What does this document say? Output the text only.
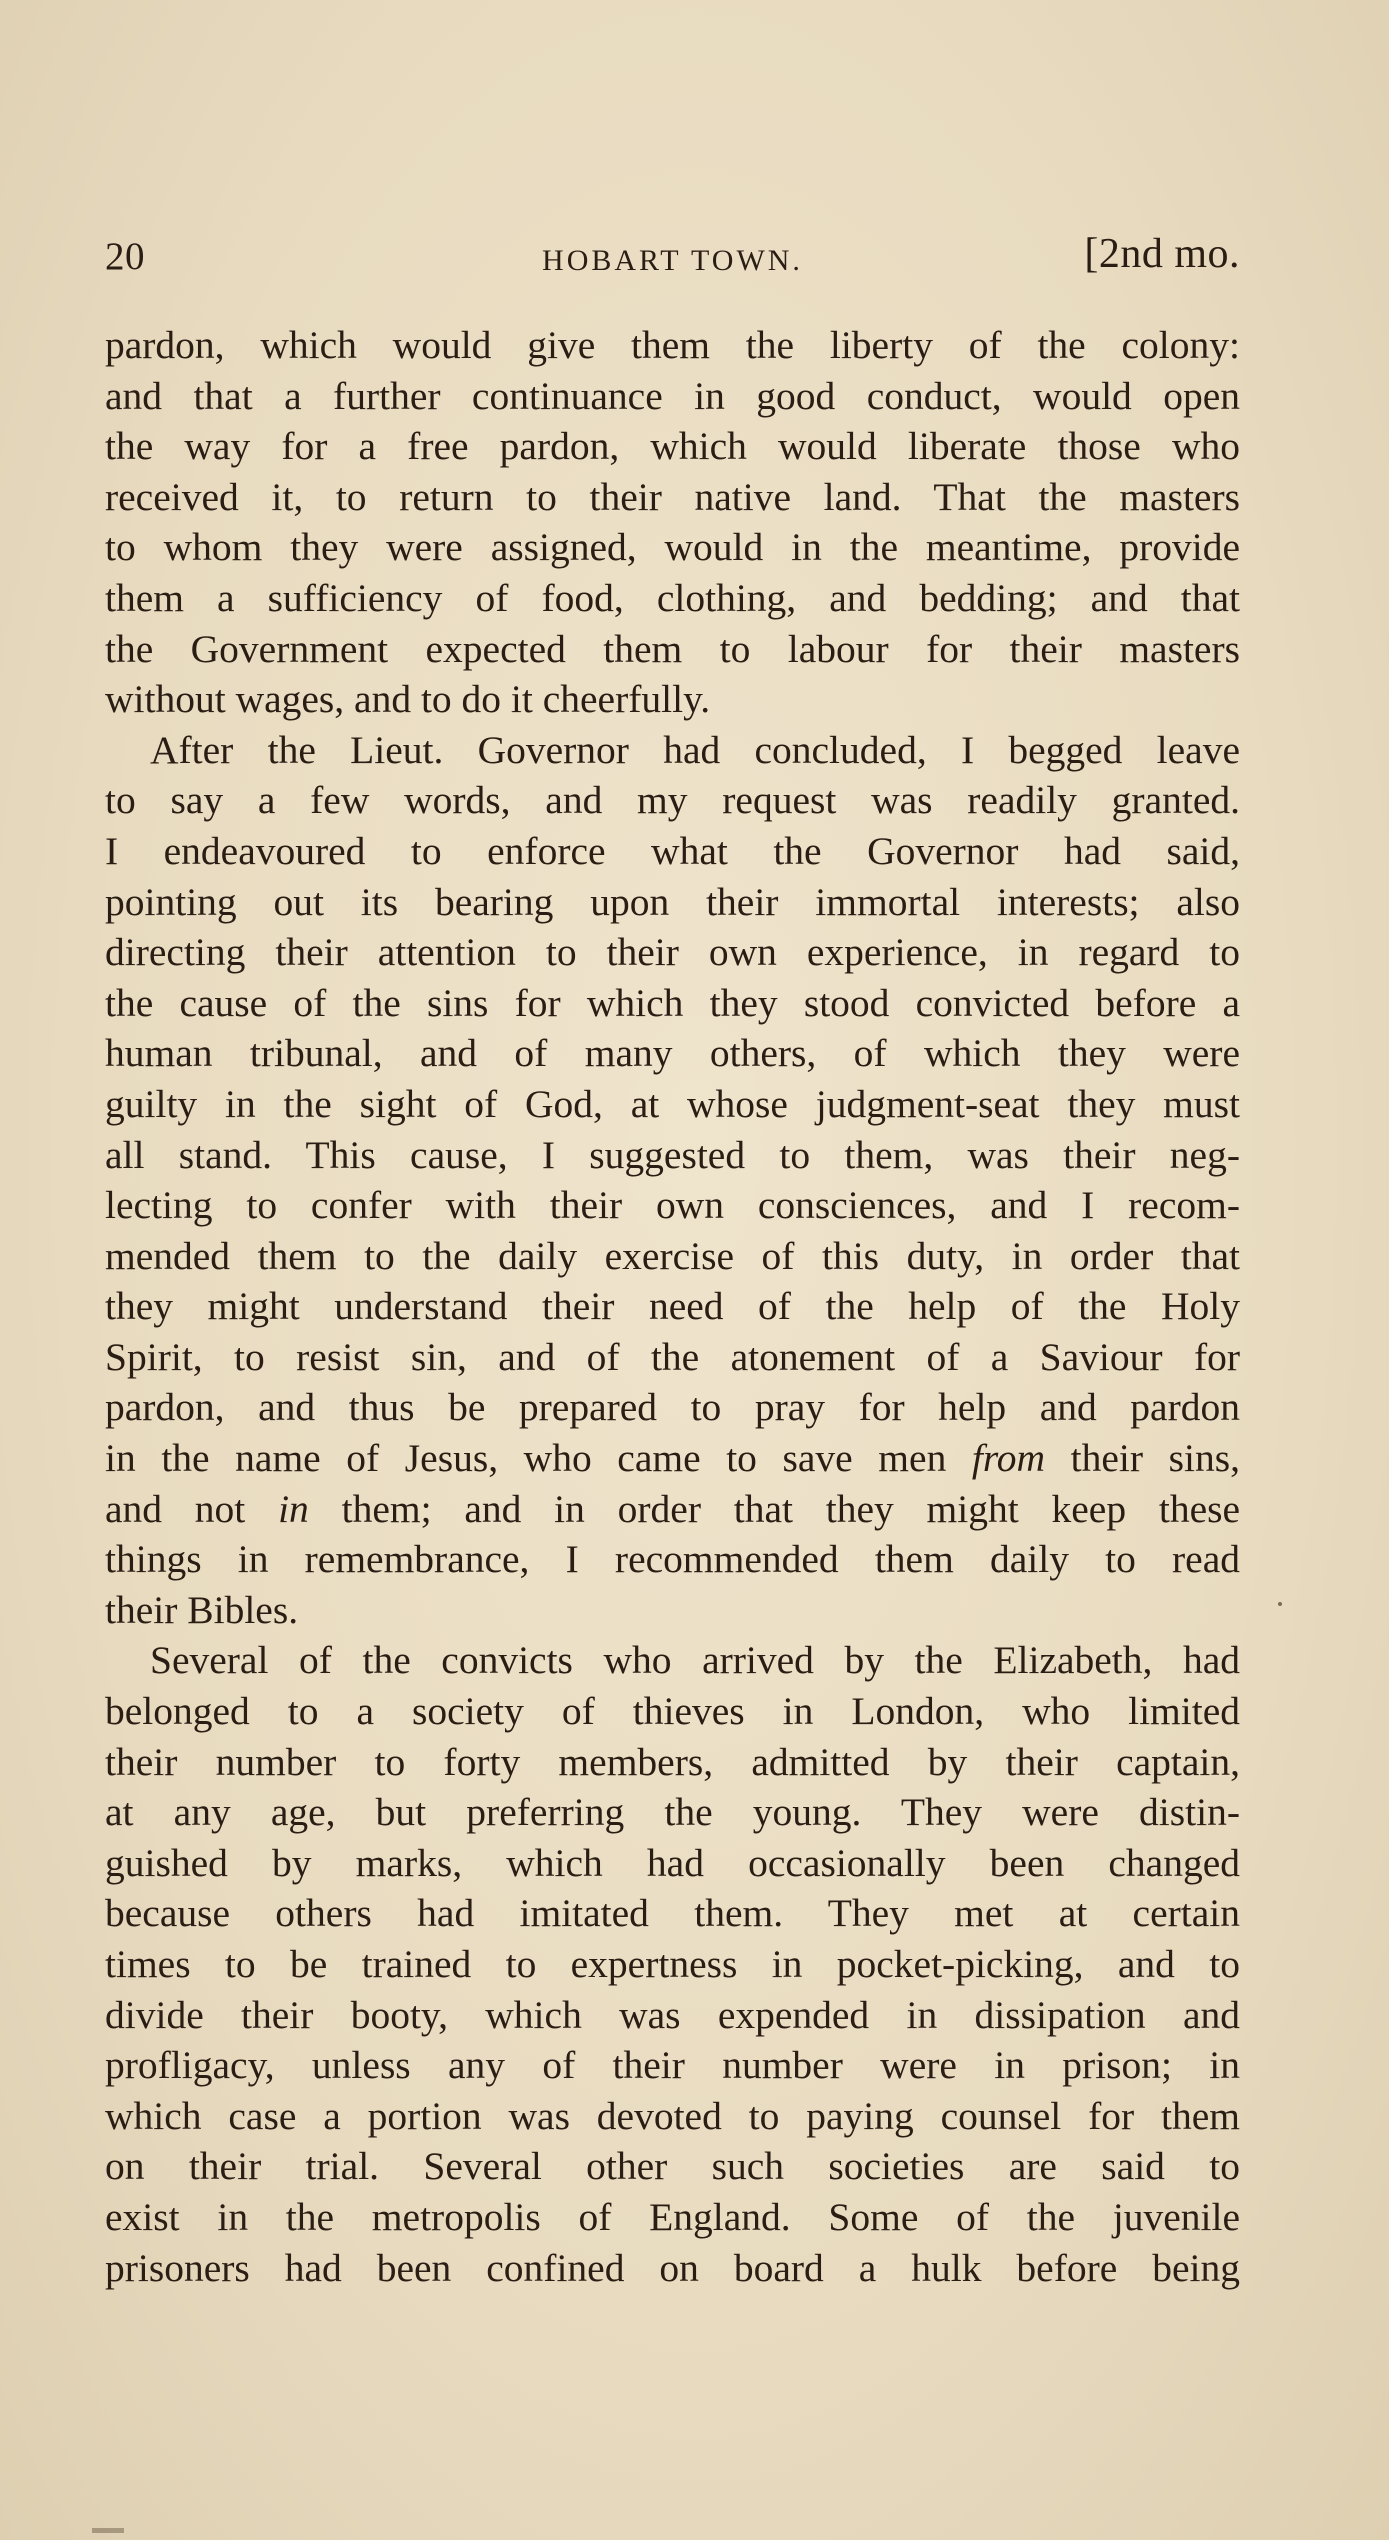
20	HOBART TOWN.	[2nd mo.
pardon, which would give them the liberty of the colony:
and that a further continuance in good conduct, would open
the way for a free pardon, which would liberate those who
received it, to return to their native land. That the masters
to whom they were assigned, would in the meantime, provide
them a sufficiency of food, clothing, and bedding; and that
the Government expected them to labour for their masters
without wages, and to do it cheerfully.
After the Lieut. Governor had concluded, I begged leave
to say a few words, and my request was readily granted.
I endeavoured to enforce what the Governor had said,
pointing out its bearing upon their immortal interests; also
directing their attention to their own experience, in regard to
the cause of the sins for which they stood convicted before a
human tribunal, and of many others, of which they were
guilty in the sight of God, at whose judgment-seat they must
all stand. This cause, I suggested to them, was their neg-
lecting to confer with their own consciences, and I recom-
mended them to the daily exercise of this duty, in order that
they might understand their need of the help of the Holy
Spirit, to resist sin, and of the atonement of a Saviour for
pardon, and thus be prepared to pray for help and pardon
in the name of Jesus, who came to save men from their sins,
and not in them; and in order that they might keep these
things in remembrance, I recommended them daily to read
their Bibles.
Several of the convicts who arrived by the Elizabeth, had
belonged to a society of thieves in London, who limited
their number to forty members, admitted by their captain,
at any age, but preferring the young. They were distin-
guished by marks, which had occasionally been changed
because others had imitated them. They met at certain
times to be trained to expertness in pocket-picking, and to
divide their booty, which was expended in dissipation and
profligacy, unless any of their number were in prison; in
which case a portion was devoted to paying counsel for them
on their trial. Several other such societies are said to
exist in the metropolis of England. Some of the juvenile
prisoners had been confined on board a hulk before being
